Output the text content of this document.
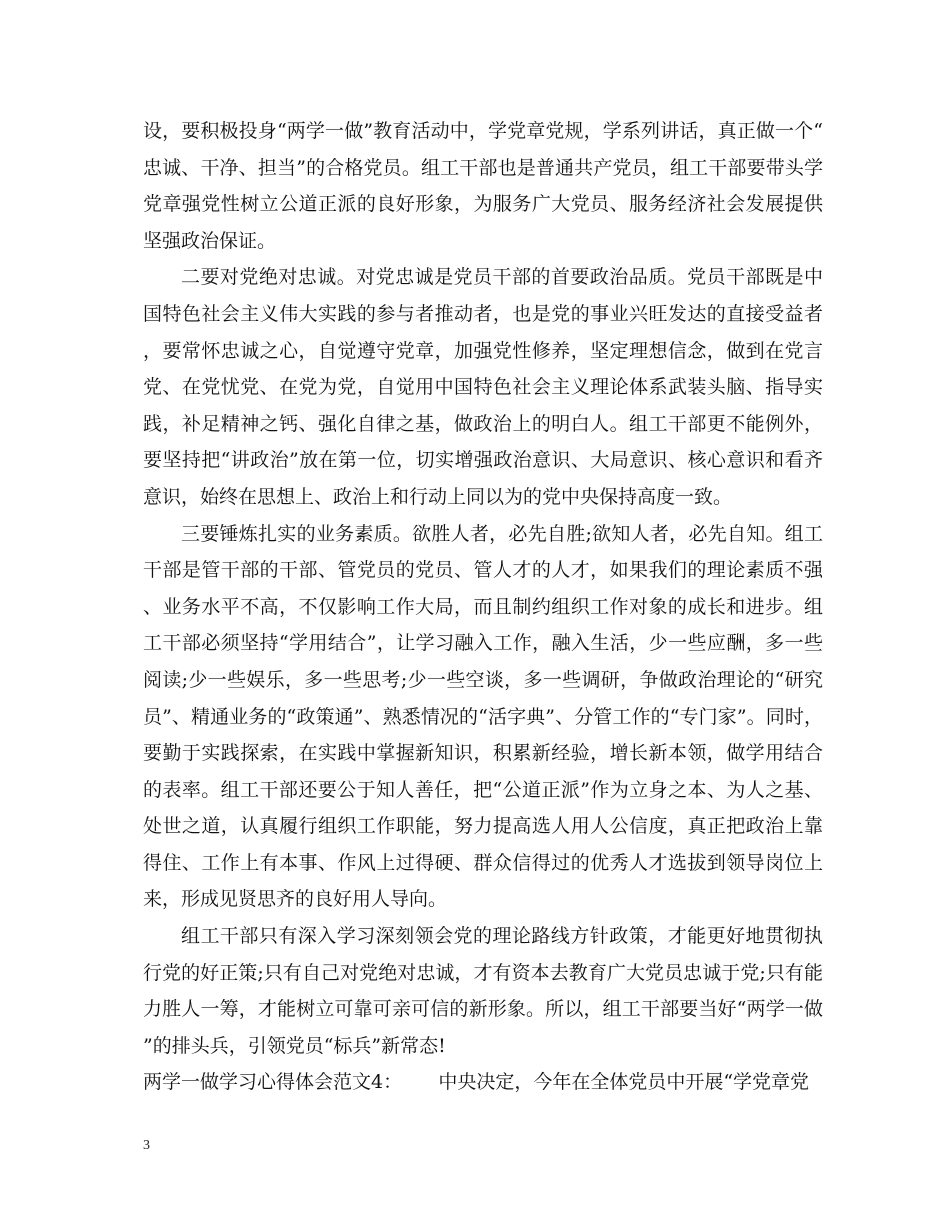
设，要积极投身“两学一做”教育活动中，学党章党规，学系列讲话，真正做一个“忠诚、干净、担当”的合格党员。组工干部也是普通共产党员，组工干部要带头学党章强党性树立公道正派的良好形象，为服务广大党员、服务经济社会发展提供坚强政治保证。

二要对党绝对忠诚。对党忠诚是党员干部的首要政治品质。党员干部既是中国特色社会主义伟大实践的参与者推动者，也是党的事业兴旺发达的直接受益者，要常怀忠诚之心，自觉遵守党章，加强党性修养，坚定理想信念，做到在党言党、在党忧党、在党为党，自觉用中国特色社会主义理论体系武装头脑、指导实践，补足精神之钙、强化自律之基，做政治上的明白人。组工干部更不能例外，要坚持把“讲政治”放在第一位，切实增强政治意识、大局意识、核心意识和看齐意识，始终在思想上、政治上和行动上同以为的党中央保持高度一致。

三要锤炼扎实的业务素质。欲胜人者，必先自胜;欲知人者，必先自知。组工干部是管干部的干部、管党员的党员、管人才的人才，如果我们的理论素质不强、业务水平不高，不仅影响工作大局，而且制约组织工作对象的成长和进步。组工干部必须坚持“学用结合”，让学习融入工作，融入生活，少一些应酬，多一些阅读;少一些娱乐，多一些思考;少一些空谈，多一些调研，争做政治理论的“研究员”、精通业务的“政策通”、熟悉情况的“活字典”、分管工作的“专门家”。同时，要勤于实践探索，在实践中掌握新知识，积累新经验，增长新本领，做学用结合的表率。组工干部还要公于知人善任，把“公道正派”作为立身之本、为人之基、处世之道，认真履行组织工作职能，努力提高选人用人公信度，真正把政治上靠得住、工作上有本事、作风上过得硬、群众信得过的优秀人才选拔到领导岗位上来，形成见贤思齐的良好用人导向。

组工干部只有深入学习深刻领会党的理论路线方针政策，才能更好地贯彻执行党的好正策;只有自己对党绝对忠诚，才有资本去教育广大党员忠诚于党;只有能力胜人一筹，才能树立可靠可亲可信的新形象。所以，组工干部要当好“两学一做”的排头兵，引领党员“标兵”新常态!

两学一做学习心得体会范文4：      中央决定，今年在全体党员中开展“学党章党

3
